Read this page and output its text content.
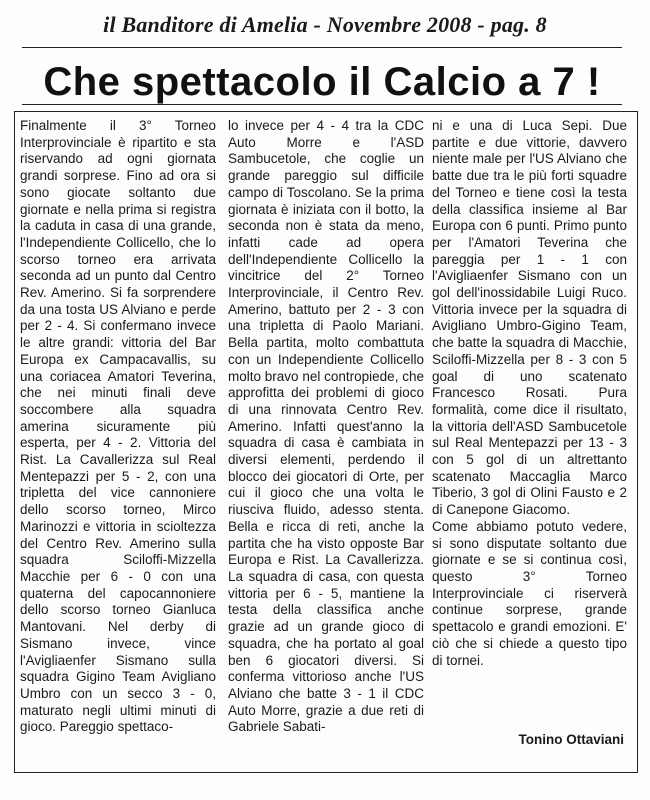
il Banditore di Amelia - Novembre 2008 - pag. 8
Che spettacolo il Calcio a 7 !

Finalmente il 3° Torneo Interprovinciale è ripartito e sta riservando ad ogni giornata grandi sorprese. Fino ad ora si sono giocate soltanto due giornate e nella prima si registra la caduta in casa di una grande, l'Independiente Collicello, che lo scorso torneo era arrivata seconda ad un punto dal Centro Rev. Amerino. Si fa sorprendere da una tosta US Alviano e perde per 2 - 4. Si confermano invece le altre grandi: vittoria del Bar Europa ex Campacavallis, su una coriacea Amatori Teverina, che nei minuti finali deve soccombere alla squadra amerina sicuramente più esperta, per 4 - 2. Vittoria del Rist. La Cavallerizza sul Real Mentepazzi per 5 - 2, con una tripletta del vice cannoniere dello scorso torneo, Mirco Marinozzi e vittoria in scioltezza del Centro Rev. Amerino sulla squadra Sciloffi-Mizzella Macchie per 6 - 0 con una quaterna del capocannoniere dello scorso torneo Gianluca Mantovani. Nel derby di Sismano invece, vince l'Avigliaenfer Sismano sulla squadra Gigino Team Avigliano Umbro con un secco 3 - 0, maturato negli ultimi minuti di gioco. Pareggio spettaco-

lo invece per 4 - 4 tra la CDC Auto Morre e l'ASD Sambucetole, che coglie un grande pareggio sul difficile campo di Toscolano. Se la prima giornata è iniziata con il botto, la seconda non è stata da meno, infatti cade ad opera dell'Independiente Collicello la vincitrice del 2° Torneo Interprovinciale, il Centro Rev. Amerino, battuto per 2 - 3 con una tripletta di Paolo Mariani. Bella partita, molto combattuta con un Independiente Collicello molto bravo nel contropiede, che approfitta dei problemi di gioco di una rinnovata Centro Rev. Amerino. Infatti quest'anno la squadra di casa è cambiata in diversi elementi, perdendo il blocco dei giocatori di Orte, per cui il gioco che una volta le riusciva fluido, adesso stenta. Bella e ricca di reti, anche la partita che ha visto opposte Bar Europa e Rist. La Cavallerizza. La squadra di casa, con questa vittoria per 6 - 5, mantiene la testa della classifica anche grazie ad un grande gioco di squadra, che ha portato al goal ben 6 giocatori diversi. Si conferma vittorioso anche l'US Alviano che batte 3 - 1 il CDC Auto Morre, grazie a due reti di Gabriele Sabati-

ni e una di Luca Sepi. Due partite e due vittorie, davvero niente male per l'US Alviano che batte due tra le più forti squadre del Torneo e tiene così la testa della classifica insieme al Bar Europa con 6 punti. Primo punto per l'Amatori Teverina che pareggia per 1 - 1 con l'Avigliaenfer Sismano con un gol dell'inossidabile Luigi Ruco. Vittoria invece per la squadra di Avigliano Umbro-Gigino Team, che batte la squadra di Macchie, Sciloffi-Mizzella per 8 - 3 con 5 goal di uno scatenato Francesco Rosati. Pura formalità, come dice il risultato, la vittoria dell'ASD Sambucetole sul Real Mentepazzi per 13 - 3 con 5 gol di un altrettanto scatenato Maccaglia Marco Tiberio, 3 gol di Olini Fausto e 2 di Canepone Giacomo.

Come abbiamo potuto vedere, si sono disputate soltanto due giornate e se si continua così, questo 3° Torneo Interprovinciale ci riserverà continue sorprese, grande spettacolo e grandi emozioni. E' ciò che si chiede a questo tipo di tornei.

Tonino Ottaviani
